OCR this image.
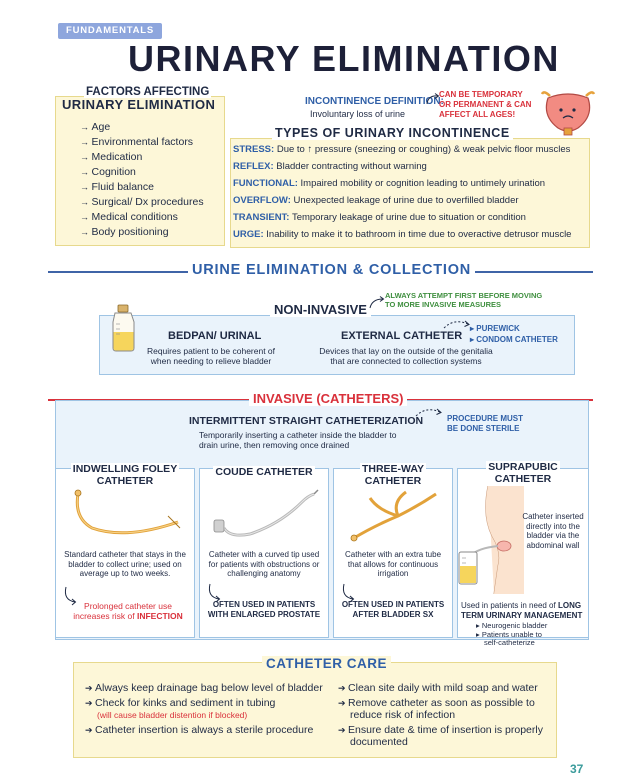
FUNDAMENTALS
URINARY ELIMINATION
FACTORS AFFECTING
URINARY ELIMINATION
→ Age
→ Environmental factors
→ Medication
→ Cognition
→ Fluid balance
→ Surgical/ Dx procedures
→ Medical conditions
→ Body positioning
INCONTINENCE DEFINITION:
Involuntary loss of urine
CAN BE TEMPORARY
OR PERMANENT & CAN
AFFECT ALL AGES!
TYPES OF URINARY INCONTINENCE
STRESS: Due to ↑ pressure (sneezing or coughing) & weak pelvic floor muscles
REFLEX: Bladder contracting without warning
FUNCTIONAL: Impaired mobility or cognition leading to untimely urination
OVERFLOW: Unexpected leakage of urine due to overfilled bladder
TRANSIENT: Temporary leakage of urine due to situation or condition
URGE: Inability to make it to bathroom in time due to overactive detrusor muscle
URINE ELIMINATION & COLLECTION
NON-INVASIVE
ALWAYS ATTEMPT FIRST BEFORE MOVING
TO MORE INVASIVE MEASURES
BEDPAN/ URINAL
Requires patient to be coherent of
when needing to relieve bladder
EXTERNAL CATHETER
▸ PUREWICK
▸ CONDOM CATHETER
Devices that lay on the outside of the genitalia
that are connected to collection systems
INVASIVE (CATHETERS)
INTERMITTENT STRAIGHT CATHETERIZATION	PROCEDURE MUST
BE DONE STERILE
Temporarily inserting a catheter inside the bladder to
drain urine, then removing once drained
INDWELLING FOLEY
CATHETER
Standard catheter that stays in the
bladder to collect urine; used on
average up to two weeks.
Prolonged catheter use
increases risk of INFECTION
COUDE CATHETER
Catheter with a curved tip used
for patients with obstructions or
challenging anatomy
OFTEN USED IN PATIENTS
WITH ENLARGED PROSTATE
THREE-WAY
CATHETER
Catheter with an extra tube
that allows for continuous
irrigation
OFTEN USED IN PATIENTS
AFTER BLADDER SX
SUPRAPUBIC
CATHETER
Catheter inserted
directly into the
bladder via the
abdominal wall
Used in patients in need of LONG
TERM URINARY MANAGEMENT
▸ Neurogenic bladder
▸ Patients unable to
self-catheterize
CATHETER CARE
➔ Always keep drainage bag below level of bladder
➔ Check for kinks and sediment in tubing
(will cause bladder distention if blocked)
➔ Catheter insertion is always a sterile procedure
➔ Clean site daily with mild soap and water
➔ Remove catheter as soon as possible to
reduce risk of infection
➔ Ensure date & time of insertion is properly
documented
37
